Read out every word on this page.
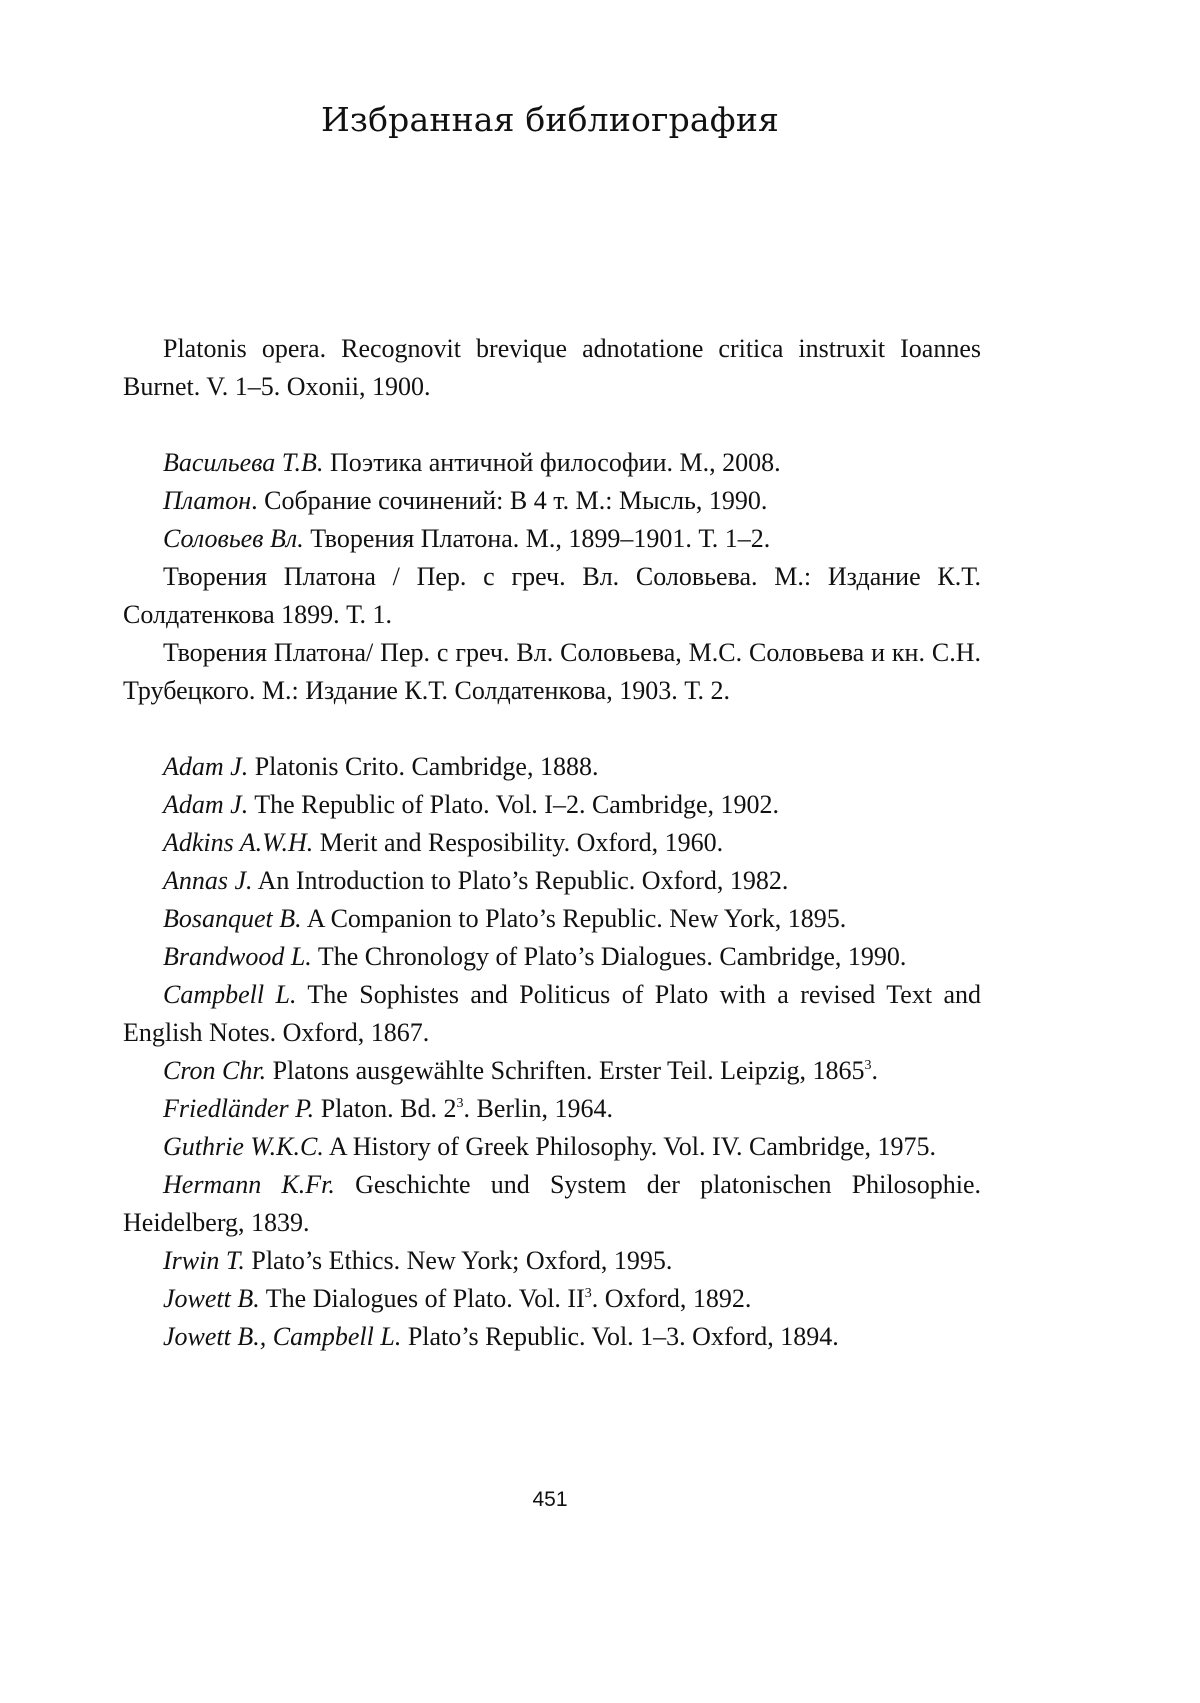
Избранная библиография

Platonis opera. Recognovit brevique adnotatione critica instruxit Ioannes Burnet. V. 1–5. Oxonii, 1900.

Васильева Т.В. Поэтика античной философии. М., 2008.

Платон. Собрание сочинений: В 4 т. М.: Мысль, 1990.

Соловьев Вл. Творения Платона. М., 1899–1901. Т. 1–2.

Творения Платона / Пер. с греч. Вл. Соловьева. М.: Издание К.Т. Солдатенкова 1899. Т. 1.

Творения Платона/ Пер. с греч. Вл. Соловьева, М.С. Соловьева и кн. С.Н. Трубецкого. М.: Издание К.Т. Солдатенкова, 1903. Т. 2.

Adam J. Platonis Crito. Cambridge, 1888.

Adam J. The Republic of Plato. Vol. I–2. Cambridge, 1902.

Adkins A.W.H. Merit and Resposibility. Oxford, 1960.

Annas J. An Introduction to Plato’s Republic. Oxford, 1982.

Bosanquet B. A Companion to Plato’s Republic. New York, 1895.

Brandwood L. The Chronology of Plato’s Dialogues. Cambridge, 1990.

Campbell L. The Sophistes and Politicus of Plato with a revised Text and English Notes. Oxford, 1867.

Cron Chr. Platons ausgewählte Schriften. Erster Teil. Leipzig, 1865$^3$.

Friedländer P. Platon. Bd. $2^3$. Berlin, 1964.

Guthrie W.K.C. A History of Greek Philosophy. Vol. IV. Cambridge, 1975.

Hermann K.Fr. Geschichte und System der platonischen Philosophie. Heidelberg, 1839.

Irwin T. Plato’s Ethics. New York; Oxford, 1995.

Jowett B. The Dialogues of Plato. Vol. $II^3$. Oxford, 1892.

Jowett B., Campbell L. Plato’s Republic. Vol. 1–3. Oxford, 1894.

451
